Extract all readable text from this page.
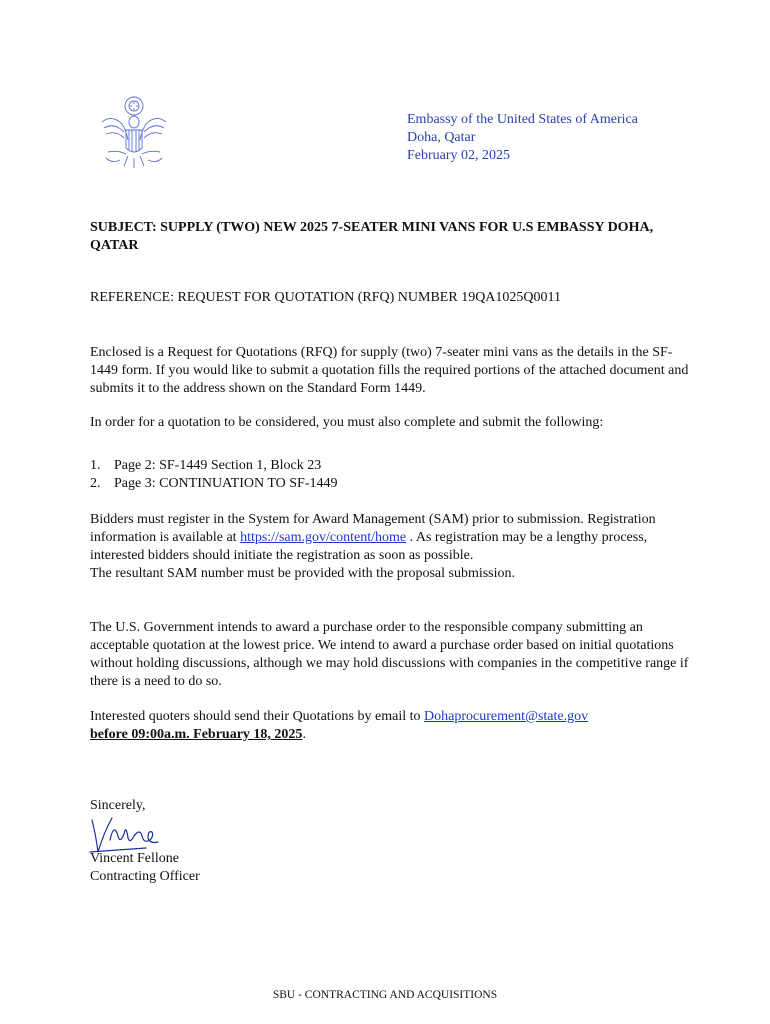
Embassy of the United States of America
Doha, Qatar
February 02, 2025

SUBJECT: SUPPLY (TWO) NEW 2025 7-SEATER MINI VANS FOR U.S EMBASSY DOHA, QATAR

REFERENCE: REQUEST FOR QUOTATION (RFQ) NUMBER 19QA1025Q0011

Enclosed is a Request for Quotations (RFQ) for supply (two) 7-seater mini vans as the details in the SF-1449 form. If you would like to submit a quotation fills the required portions of the attached document and submits it to the address shown on the Standard Form 1449.

In order for a quotation to be considered, you must also complete and submit the following:

1. Page 2: SF-1449 Section 1, Block 23
2. Page 3: CONTINUATION TO SF-1449

Bidders must register in the System for Award Management (SAM) prior to submission. Registration information is available at https://sam.gov/content/home . As registration may be a lengthy process, interested bidders should initiate the registration as soon as possible.

The resultant SAM number must be provided with the proposal submission.

The U.S. Government intends to award a purchase order to the responsible company submitting an acceptable quotation at the lowest price. We intend to award a purchase order based on initial quotations without holding discussions, although we may hold discussions with companies in the competitive range if there is a need to do so.

Interested quoters should send their Quotations by email to Dohaprocurement@state.gov
before 09:00a.m. February 18, 2025.

Sincerely,

Vincent Fellone
Contracting Officer
SBU - CONTRACTING AND ACQUISITIONS
